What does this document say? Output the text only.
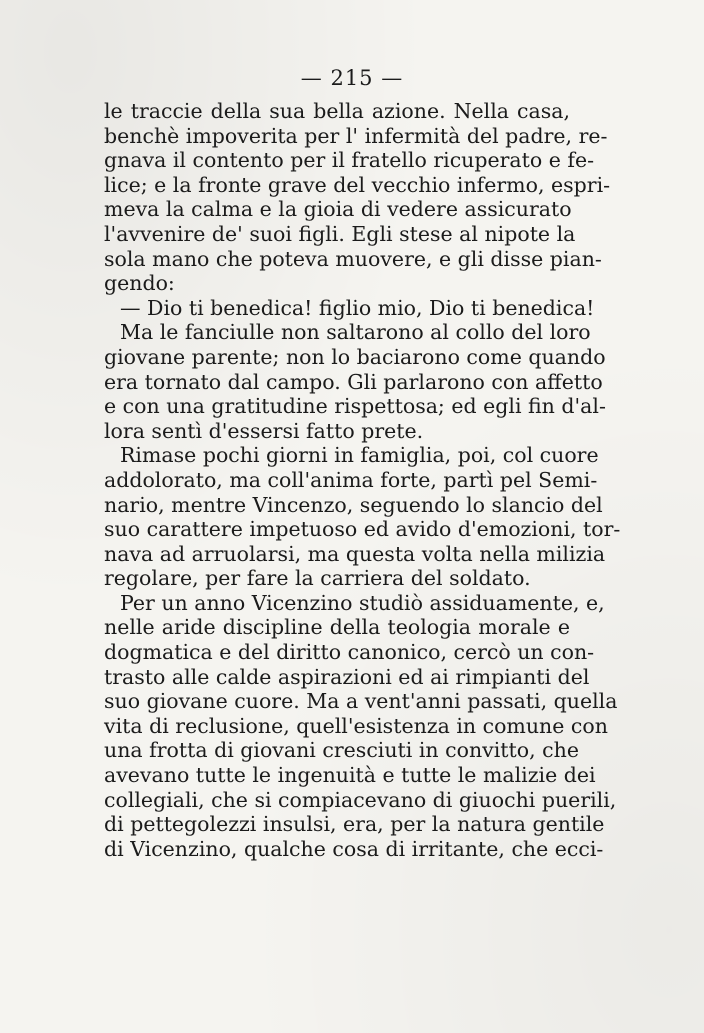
— 215 —
le traccie della sua bella azione. Nella casa,
benchè impoverita per l' infermità del padre, re-
gnava il contento per il fratello ricuperato e fe-
lice; e la fronte grave del vecchio infermo, espri-
meva la calma e la gioia di vedere assicurato
l'avvenire de' suoi figli. Egli stese al nipote la
sola mano che poteva muovere, e gli disse pian-
gendo:
— Dio ti benedica! figlio mio, Dio ti benedica!
Ma le fanciulle non saltarono al collo del loro
giovane parente; non lo baciarono come quando
era tornato dal campo. Gli parlarono con affetto
e con una gratitudine rispettosa; ed egli fin d'al-
lora sentì d'essersi fatto prete.
Rimase pochi giorni in famiglia, poi, col cuore
addolorato, ma coll'anima forte, partì pel Semi-
nario, mentre Vincenzo, seguendo lo slancio del
suo carattere impetuoso ed avido d'emozioni, tor-
nava ad arruolarsi, ma questa volta nella milizia
regolare, per fare la carriera del soldato.
Per un anno Vicenzino studiò assiduamente, e,
nelle aride discipline della teologia morale e
dogmatica e del diritto canonico, cercò un con-
trasto alle calde aspirazioni ed ai rimpianti del
suo giovane cuore. Ma a vent'anni passati, quella
vita di reclusione, quell'esistenza in comune con
una frotta di giovani cresciuti in convitto, che
avevano tutte le ingenuità e tutte le malizie dei
collegiali, che si compiacevano di giuochi puerili,
di pettegolezzi insulsi, era, per la natura gentile
di Vicenzino, qualche cosa di irritante, che ecci-
